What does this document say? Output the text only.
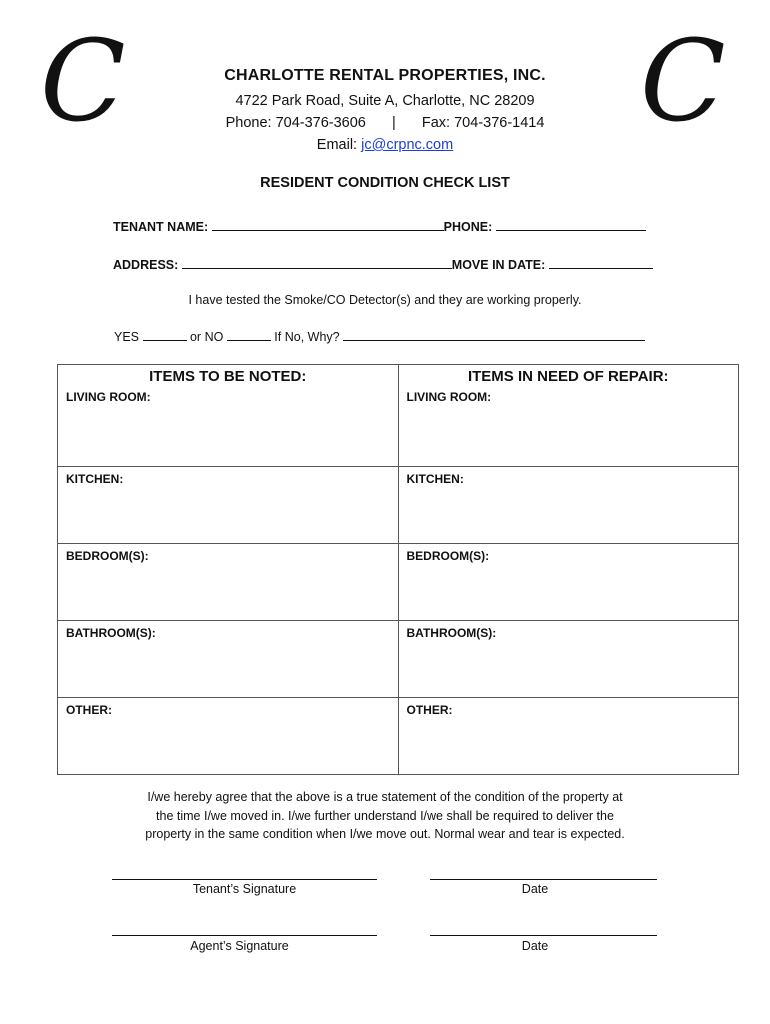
C	C
CHARLOTTE RENTAL PROPERTIES, INC.
4722 Park Road, Suite A, Charlotte, NC 28209
Phone: 704-376-3606 | Fax: 704-376-1414
Email: jc@crpnc.com
RESIDENT CONDITION CHECK LIST
TENANT NAME:	PHONE:
ADDRESS:	MOVE IN DATE:
I have tested the Smoke/CO Detector(s) and they are working properly.
YES	or NO	If No, Why?
ITEMS TO BE NOTED:	ITEMS IN NEED OF REPAIR:

LIVING ROOM:	LIVING ROOM:

KITCHEN:	KITCHEN:

BEDROOM(S):	BEDROOM(S):

BATHROOM(S):	BATHROOM(S):

OTHER:	OTHER:
I/we hereby agree that the above is a true statement of the condition of the property at
the time I/we moved in. I/we further understand I/we shall be required to deliver the
property in the same condition when I/we move out. Normal wear and tear is expected.
Tenant’s Signature	Date
Agent’s Signature	Date
